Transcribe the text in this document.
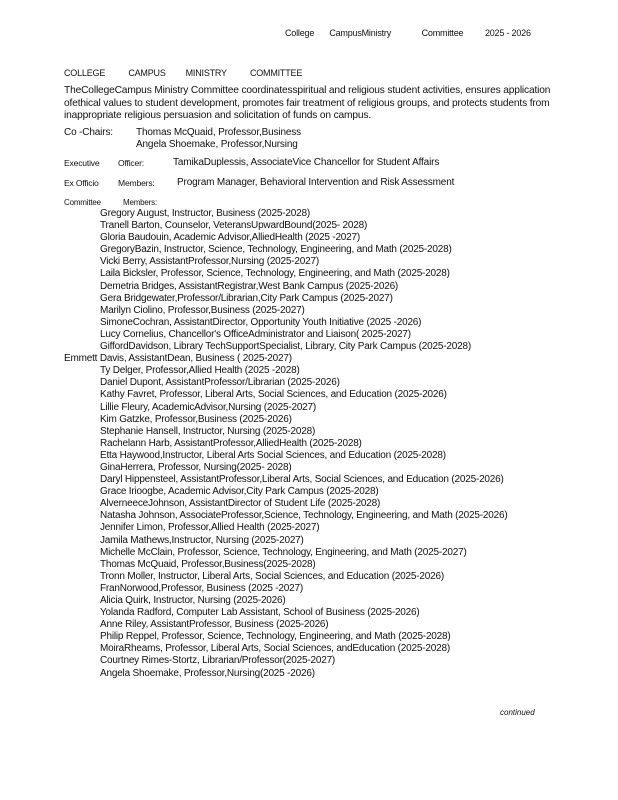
College CampusMinistry	Committee 2025 - 2026
COLLEGE	CAMPUS MINISTRY	COMMITTEE
TheCollegeCampus Ministry Committee coordinatesspiritual and religious student activities, ensures application ofethical values to student development, promotes fair treatment of religious groups, and protects students from inappropriate religious persuasion and solicitation of funds on campus.
Co -Chairs: Thomas McQuaid, Professor,Business
Angela Shoemake, Professor,Nursing
Executive Officer:	TamikaDuplessis, AssociateVice Chancellor for Student Affairs
Ex Officio Members: Program Manager, Behavioral Intervention and Risk Assessment
Committee	Members:
Gregory August, Instructor, Business (2025-2028)
Tranell Barton, Counselor, VeteransUpwardBound(2025- 2028)
Gloria Baudouin, Academic Advisor,AlliedHealth (2025 -2027)
GregoryBazin, Instructor, Science, Technology, Engineering, and Math (2025-2028)
Vicki Berry, AssistantProfessor,Nursing (2025-2027)
Laila Bicksler, Professor, Science, Technology, Engineering, and Math (2025-2028)
Demetria Bridges, AssistantRegistrar,West Bank Campus (2025-2026)
Gera Bridgewater,Professor/Librarian,City Park Campus (2025-2027)
Marilyn Ciolino, Professor,Business (2025-2027)
SimoneCochran, AssistantDirector, Opportunity Youth Initiative (2025 -2026)
Lucy Cornelius, Chancellor's OfficeAdministrator and Liaison( 2025-2027)
GiffordDavidson, Library TechSupportSpecialist, Library, City Park Campus (2025-2028)
Emmett Davis, AssistantDean, Business ( 2025-2027)
Ty Delger, Professor,Allied Health (2025 -2028)
Daniel Dupont, AssistantProfessor/Librarian (2025-2026)
Kathy Favret, Professor, Liberal Arts, Social Sciences, and Education (2025-2026)
Lillie Fleury, AcademicAdvisor,Nursing (2025-2027)
Kim Gatzke, Professor,Business (2025-2026)
Stephanie Hansell, Instructor, Nursing (2025-2028)
Rachelann Harb, AssistantProfessor,AlliedHealth (2025-2028)
Etta Haywood,Instructor, Liberal Arts Social Sciences, and Education (2025-2028)
GinaHerrera, Professor, Nursing(2025- 2028)
Daryl Hippensteel, AssistantProfessor,Liberal Arts, Social Sciences, and Education (2025-2026)
Grace Irioogbe, Academic Advisor,City Park Campus (2025-2028)
AlverneeceJohnson, AssistantDirector of Student Life (2025-2028)
Natasha Johnson, AssociateProfessor,Science, Technology, Engineering, and Math (2025-2026)
Jennifer Limon, Professor,Allied Health (2025-2027)
Jamila Mathews,Instructor, Nursing (2025-2027)
Michelle McClain, Professor, Science, Technology, Engineering, and Math (2025-2027)
Thomas McQuaid, Professor,Business(2025-2028)
Tronn Moller, Instructor, Liberal Arts, Social Sciences, and Education (2025-2026)
FranNorwood,Professor, Business (2025 -2027)
Alicia Quirk, Instructor, Nursing (2025-2026)
Yolanda Radford, Computer Lab Assistant, School of Business (2025-2026)
Anne Riley, AssistantProfessor, Business (2025-2026)
Philip Reppel, Professor, Science, Technology, Engineering, and Math (2025-2028)
MoiraRheams, Professor, Liberal Arts, Social Sciences, andEducation (2025-2028)
Courtney Rimes-Stortz, Librarian/Professor(2025-2027)
Angela Shoemake, Professor,Nursing(2025 -2026)
continued
